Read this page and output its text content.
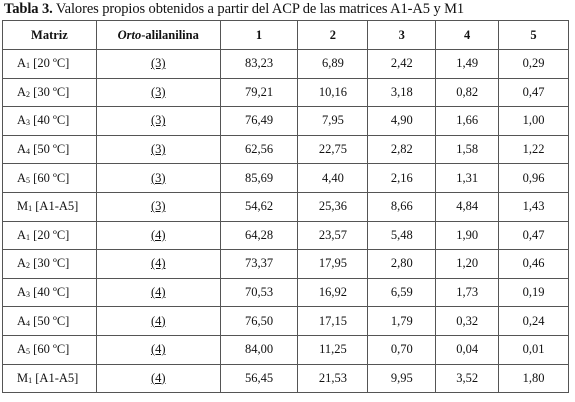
Tabla 3. Valores propios obtenidos a partir del ACP de las matrices A1-A5 y M1
Matriz	Orto-alilanilina	1	2	3	4	5
A1 [20 ºC]	(3)	83,23	6,89	2,42	1,49	0,29
A2 [30 ºC]	(3)	79,21	10,16	3,18	0,82	0,47
A3 [40 ºC]	(3)	76,49	7,95	4,90	1,66	1,00
A4 [50 ºC]	(3)	62,56	22,75	2,82	1,58	1,22
A5 [60 ºC]	(3)	85,69	4,40	2,16	1,31	0,96
M1 [A1-A5]	(3)	54,62	25,36	8,66	4,84	1,43
A1 [20 ºC]	(4)	64,28	23,57	5,48	1,90	0,47
A2 [30 ºC]	(4)	73,37	17,95	2,80	1,20	0,46
A3 [40 ºC]	(4)	70,53	16,92	6,59	1,73	0,19
A4 [50 ºC]	(4)	76,50	17,15	1,79	0,32	0,24
A5 [60 ºC]	(4)	84,00	11,25	0,70	0,04	0,01
M1 [A1-A5]	(4)	56,45	21,53	9,95	3,52	1,80
